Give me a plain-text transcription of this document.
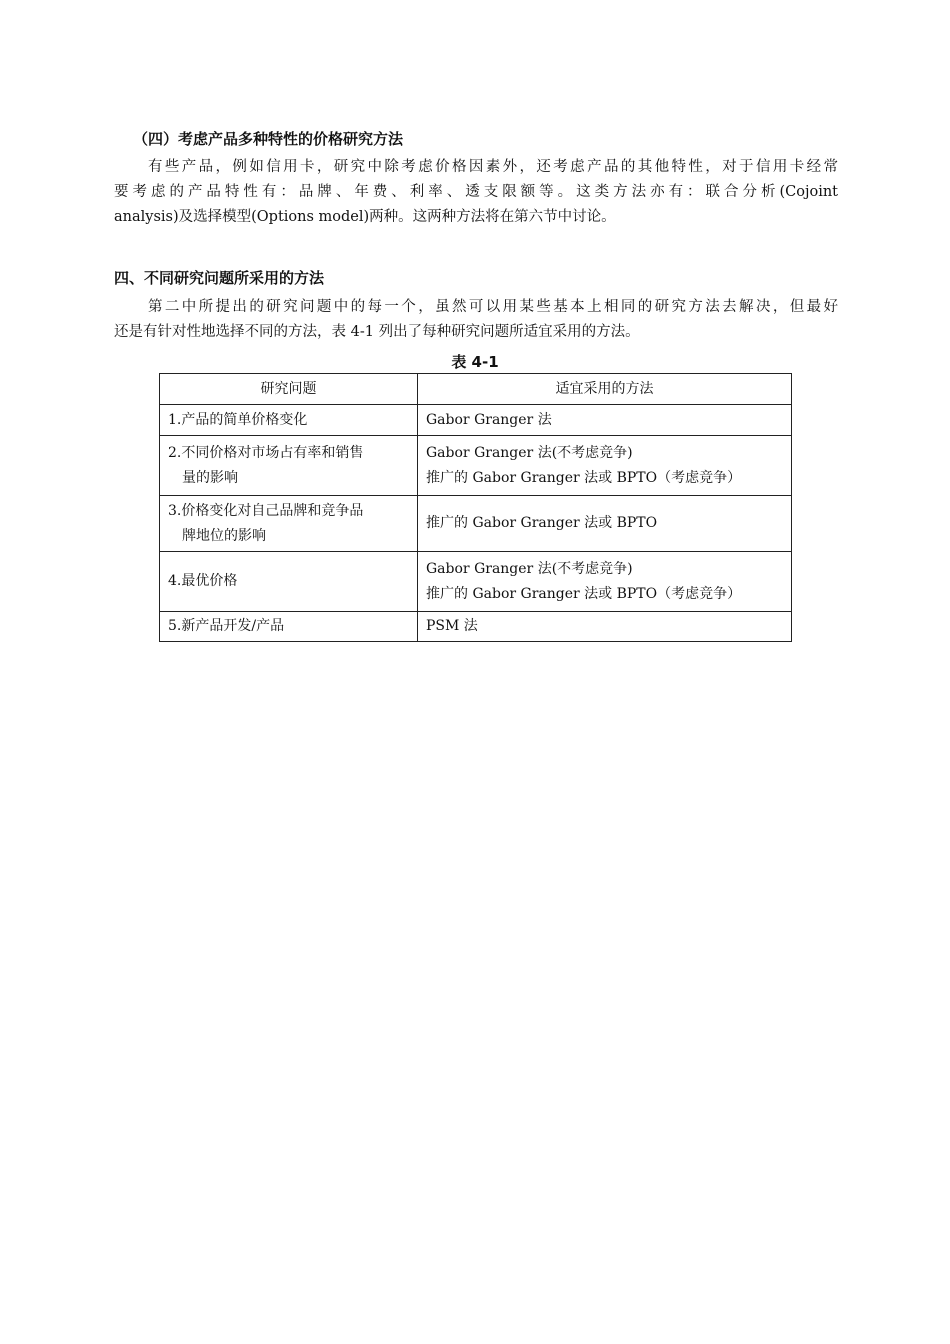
（四）考虑产品多种特性的价格研究方法
有些产品，例如信用卡，研究中除考虑价格因素外，还考虑产品的其他特性，对于信用卡经常
要考虑的产品特性有：品牌、年费、利率、透支限额等。这类方法亦有：联合分析(Cojoint
analysis)及选择模型(Options model)两种。这两种方法将在第六节中讨论。
四、不同研究问题所采用的方法
第二中所提出的研究问题中的每一个，虽然可以用某些基本上相同的研究方法去解决，但最好
还是有针对性地选择不同的方法，表 4-1 列出了每种研究问题所适宜采用的方法。
表 4-1
研究问题	适宜采用的方法

1.产品的简单价格变化	Gabor Granger 法

2.不同价格对市场占有率和销售
量的影响	Gabor Granger 法(不考虑竞争)
推广的 Gabor Granger 法或 BPTO（考虑竞争）

3.价格变化对自己品牌和竞争品
牌地位的影响	推广的 Gabor Granger 法或 BPTO

4.最优价格	Gabor Granger 法(不考虑竞争)
推广的 Gabor Granger 法或 BPTO（考虑竞争）

5.新产品开发/产品	PSM 法
